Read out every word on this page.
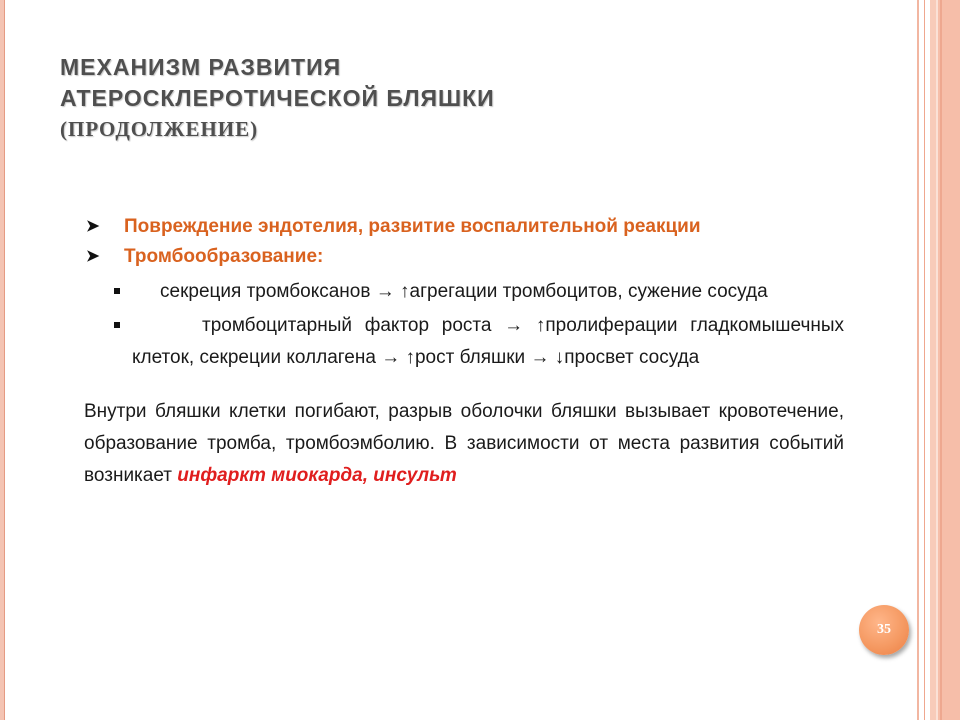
МЕХАНИЗМ РАЗВИТИЯ
АТЕРОСКЛЕРОТИЧЕСКОЙ БЛЯШКИ
(ПРОДОЛЖЕНИЕ)
➤ Повреждение эндотелия, развитие воспалительной реакции
➤ Тромбообразование:
секреция тромбоксанов → ↑агрегации тромбоцитов, сужение сосуда
тромбоцитарный фактор роста → ↑пролиферации гладкомышечных клеток, секреции коллагена → ↑рост бляшки → ↓просвет сосуда
Внутри бляшки клетки погибают, разрыв оболочки бляшки вызывает кровотечение, образование тромба, тромбоэмболию. В зависимости от места развития событий возникает инфаркт миокарда, инсульт
35
